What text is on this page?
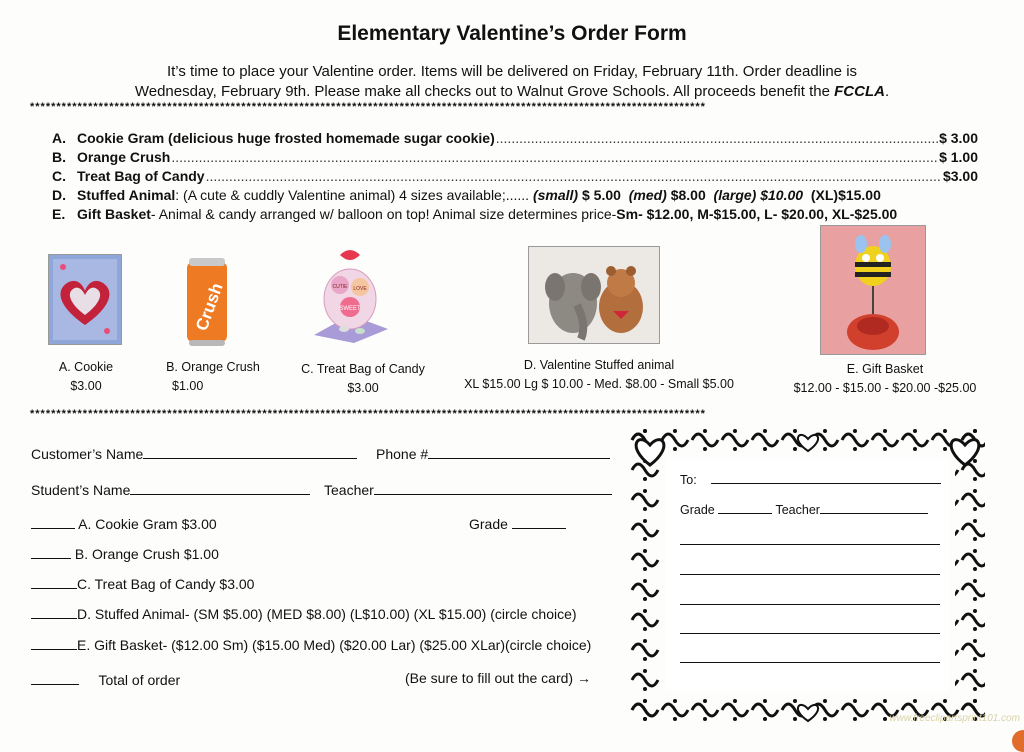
Elementary Valentine’s Order Form
It’s time to place your Valentine order. Items will be delivered on Friday, February 11th. Order deadline is
Wednesday, February 9th. Please make all checks out to Walnut Grove Schools. All proceeds benefit the FCCLA.
********************************************************************************************************************************
A. Cookie Gram (delicious huge frosted homemade sugar cookie) .....	$ 3.00
B. Orange Crush .....	$ 1.00
C. Treat Bag of Candy .....	$3.00
D. Stuffed Animal : (A cute & cuddly Valentine animal) 4 sizes available;......
(small)
$ 5.00
(med)
$8.00
(large)
$10.00
(XL) $15.00
E. Gift Basket - Animal & candy arranged w/ balloon on top! Animal size determines price- Sm- $12.00, M-$15.00, L- $20.00, XL-$25.00
Crush	CUTIE LOVE
SWEET
A. Cookie
$3.00
B. Orange Crush
$1.00
C. Treat Bag of Candy
$3.00
D. Valentine Stuffed animal
XL $15.00 Lg $ 10.00 - Med. $8.00 - Small $5.00
E. Gift Basket
$12.00 - $15.00 - $20.00 -$25.00
********************************************************************************************************************************
Customer’s Name	Phone #
Student’s Name	Teacher
A. Cookie Gram $3.00	Grade
B. Orange Crush $1.00
C. Treat Bag of Candy $3.00
D. Stuffed Animal- (SM $5.00) (MED $8.00) (L$10.00) (XL $15.00) (circle choice)
E. Gift Basket- ($12.00 Sm) ($15.00 Med) ($20.00 Lar) ($25.00 XLar)(circle choice)
Total of order	(Be sure to fill out the card) →
To:
Grade	Teacher
www.freeclipartsprint101.com
